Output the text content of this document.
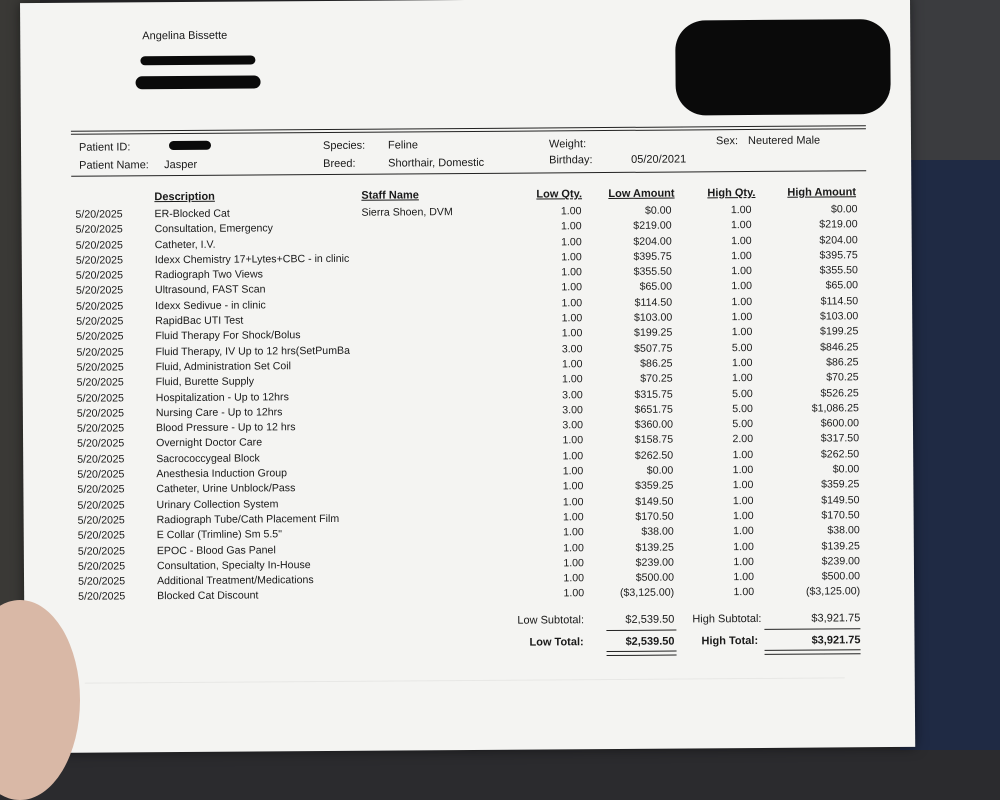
Angelina Bissette
Patient ID:
Patient Name: Jasper
Species: Feline
Breed:	Shorthair, Domestic
Weight:
Birthday:	05/20/2021
Sex: Neutered Male
Description	Staff Name	Low Qty. Low Amount	High Qty.	High Amount
5/20/2025	ER-Blocked Cat	Sierra Shoen, DVM	1.00	$0.00	1.00	$0.00
5/20/2025	Consultation, Emergency	1.00	$219.00	1.00	$219.00
5/20/2025	Catheter, I.V.	1.00	$204.00	1.00	$204.00
5/20/2025	Idexx Chemistry 17+Lytes+CBC - in clinic	1.00	$395.75	1.00	$395.75
5/20/2025	Radiograph Two Views	1.00	$355.50	1.00	$355.50
5/20/2025	Ultrasound, FAST Scan	1.00	$65.00	1.00	$65.00
5/20/2025	Idexx Sedivue - in clinic	1.00	$114.50	1.00	$114.50
5/20/2025	RapidBac UTI Test	1.00	$103.00	1.00	$103.00
5/20/2025	Fluid Therapy For Shock/Bolus	1.00	$199.25	1.00	$199.25
5/20/2025	Fluid Therapy, IV Up to 12 hrs(SetPumBa	3.00	$507.75	5.00	$846.25
5/20/2025	Fluid, Administration Set Coil	1.00	$86.25	1.00	$86.25
5/20/2025	Fluid, Burette Supply	1.00	$70.25	1.00	$70.25
5/20/2025	Hospitalization - Up to 12hrs	3.00	$315.75	5.00	$526.25
5/20/2025	Nursing Care - Up to 12hrs	3.00	$651.75	5.00	$1,086.25
5/20/2025	Blood Pressure - Up to 12 hrs	3.00	$360.00	5.00	$600.00
5/20/2025	Overnight Doctor Care	1.00	$158.75	2.00	$317.50
5/20/2025	Sacrococcygeal Block	1.00	$262.50	1.00	$262.50
5/20/2025	Anesthesia Induction Group	1.00	$0.00	1.00	$0.00
5/20/2025	Catheter, Urine Unblock/Pass	1.00	$359.25	1.00	$359.25
5/20/2025	Urinary Collection System	1.00	$149.50	1.00	$149.50
5/20/2025	Radiograph Tube/Cath Placement Film	1.00	$170.50	1.00	$170.50
5/20/2025	E Collar (Trimline) Sm 5.5"	1.00	$38.00	1.00	$38.00
5/20/2025	EPOC - Blood Gas Panel	1.00	$139.25	1.00	$139.25
5/20/2025	Consultation, Specialty In-House	1.00	$239.00	1.00	$239.00
5/20/2025	Additional Treatment/Medications	1.00	$500.00	1.00	$500.00
5/20/2025	Blocked Cat Discount	1.00	($3,125.00)	1.00	($3,125.00)
Low Subtotal:	$2,539.50 High Subtotal:	$3,921.75
Low Total:	$2,539.50 High Total:	$3,921.75
